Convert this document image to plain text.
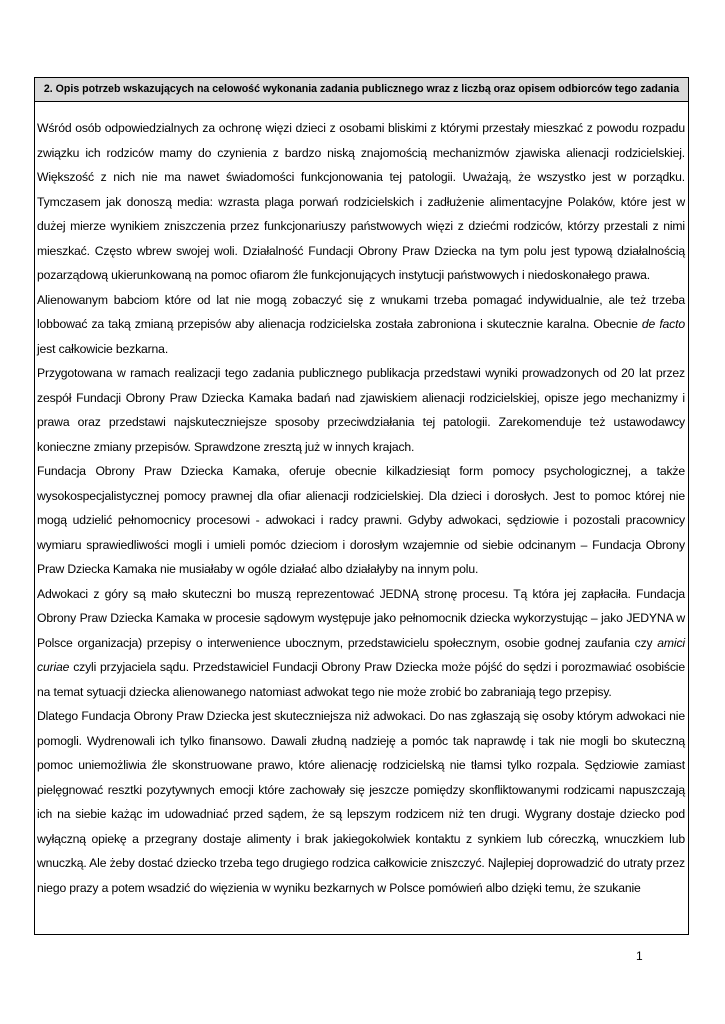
2. Opis potrzeb wskazujących na celowość wykonania zadania publicznego wraz z liczbą oraz opisem odbiorców tego zadania

Wśród osób odpowiedzialnych za ochronę więzi dzieci z osobami bliskimi z którymi przestały mieszkać z powodu rozpadu związku ich rodziców mamy do czynienia z bardzo niską znajomością mechanizmów zjawiska alienacji rodzicielskiej. Większość z nich nie ma nawet świadomości funkcjonowania tej patologii. Uważają, że wszystko jest w porządku. Tymczasem jak donoszą media: wzrasta plaga porwań rodzicielskich i zadłużenie alimentacyjne Polaków, które jest w dużej mierze wynikiem zniszczenia przez funkcjonariuszy państwowych więzi z dziećmi rodziców, którzy przestali z nimi mieszkać. Często wbrew swojej woli. Działalność Fundacji Obrony Praw Dziecka na tym polu jest typową działalnością pozarządową ukierunkowaną na pomoc ofiarom źle funkcjonujących instytucji państwowych i niedoskonałego prawa.

Alienowanym babciom które od lat nie mogą zobaczyć się z wnukami trzeba pomagać indywidualnie, ale też trzeba lobbować za taką zmianą przepisów aby alienacja rodzicielska została zabroniona i skutecznie karalna. Obecnie de facto jest całkowicie bezkarna.

Przygotowana w ramach realizacji tego zadania publicznego publikacja przedstawi wyniki prowadzonych od 20 lat przez zespół Fundacji Obrony Praw Dziecka Kamaka badań nad zjawiskiem alienacji rodzicielskiej, opisze jego mechanizmy i prawa oraz przedstawi najskuteczniejsze sposoby przeciwdziałania tej patologii. Zarekomenduje też ustawodawcy konieczne zmiany przepisów. Sprawdzone zresztą już w innych krajach.

Fundacja Obrony Praw Dziecka Kamaka, oferuje obecnie kilkadziesiąt form pomocy psychologicznej, a także wysokospecjalistycznej pomocy prawnej dla ofiar alienacji rodzicielskiej. Dla dzieci i dorosłych. Jest to pomoc której nie mogą udzielić pełnomocnicy procesowi - adwokaci i radcy prawni. Gdyby adwokaci, sędziowie i pozostali pracownicy wymiaru sprawiedliwości mogli i umieli pomóc dzieciom i dorosłym wzajemnie od siebie odcinanym – Fundacja Obrony Praw Dziecka Kamaka nie musiałaby w ogóle działać albo działałyby na innym polu.

Adwokaci z góry są mało skuteczni bo muszą reprezentować JEDNĄ stronę procesu. Tą która jej zapłaciła. Fundacja Obrony Praw Dziecka Kamaka w procesie sądowym występuje jako pełnomocnik dziecka wykorzystując – jako JEDYNA w Polsce organizacja) przepisy o interwenience ubocznym, przedstawicielu społecznym, osobie godnej zaufania czy amici curiae czyli przyjaciela sądu. Przedstawiciel Fundacji Obrony Praw Dziecka może pójść do sędzi i porozmawiać osobiście na temat sytuacji dziecka alienowanego natomiast adwokat tego nie może zrobić bo zabraniają tego przepisy.

Dlatego Fundacja Obrony Praw Dziecka jest skuteczniejsza niż adwokaci. Do nas zgłaszają się osoby którym adwokaci nie pomogli. Wydrenowali ich tylko finansowo. Dawali złudną nadzieję a pomóc tak naprawdę i tak nie mogli bo skuteczną pomoc uniemożliwia źle skonstruowane prawo, które alienację rodzicielską nie tłamsi tylko rozpala. Sędziowie zamiast pielęgnować resztki pozytywnych emocji które zachowały się jeszcze pomiędzy skonfliktowanymi rodzicami napuszczają ich na siebie każąc im udowadniać przed sądem, że są lepszym rodzicem niż ten drugi. Wygrany dostaje dziecko pod wyłączną opiekę a przegrany dostaje alimenty i brak jakiegokolwiek kontaktu z synkiem lub córeczką, wnuczkiem lub wnuczką. Ale żeby dostać dziecko trzeba tego drugiego rodzica całkowicie zniszczyć. Najlepiej doprowadzić do utraty przez niego prazy a potem wsadzić do więzienia w wyniku bezkarnych w Polsce pomówień albo dzięki temu, że szukanie

1
